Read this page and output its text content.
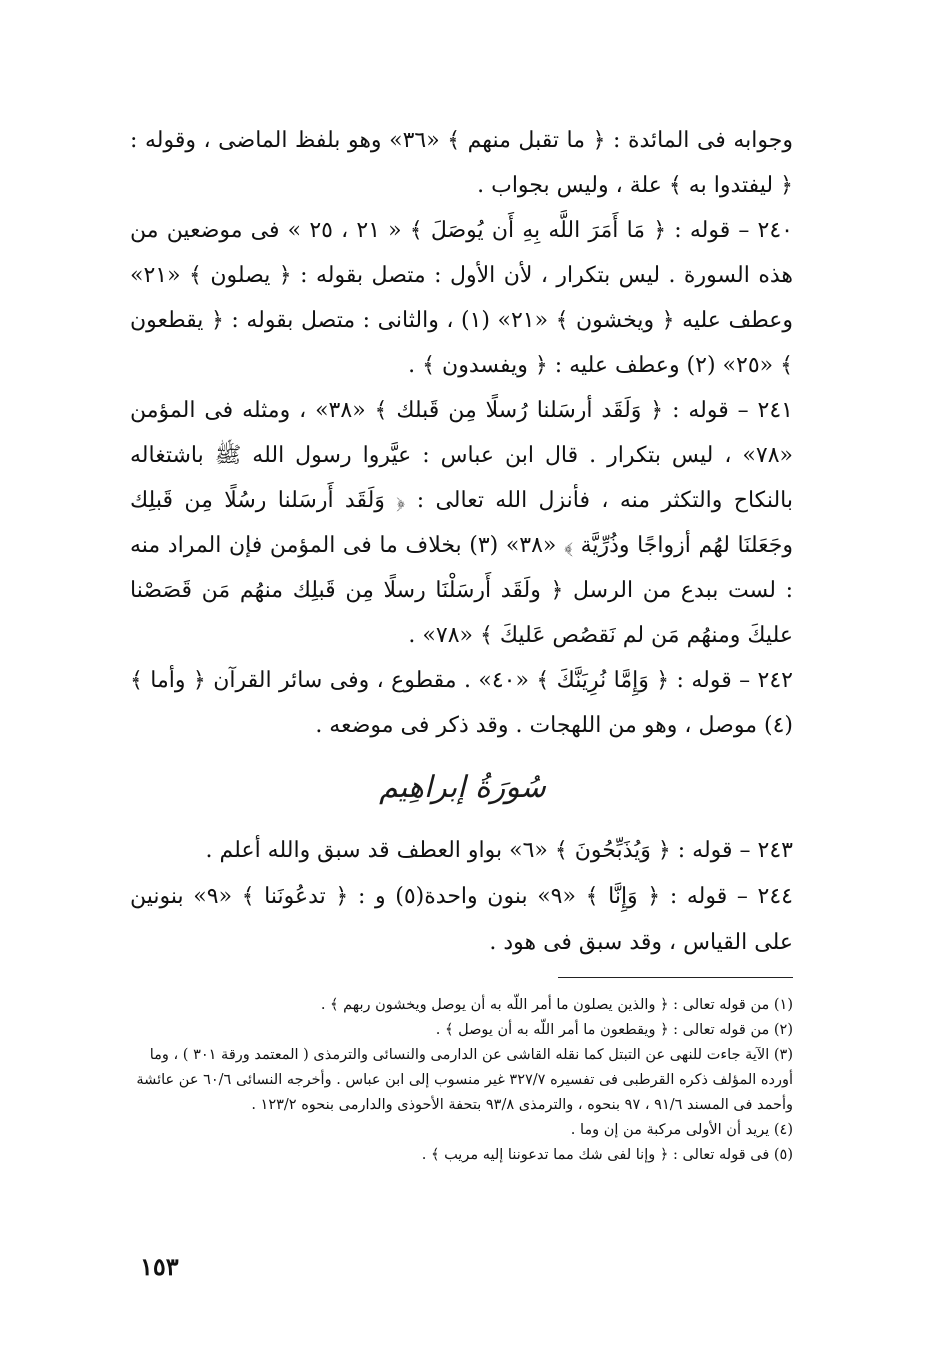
وجوابه فى المائدة : ﴿ ما تقبل منهم ﴾ «٣٦» وهو بلفظ الماضى ، وقوله : ﴿ ليفتدوا به ﴾ علة ، وليس بجواب .

٢٤٠ – قوله : ﴿ مَا أَمَرَ اللَّه بِهِ أَن يُوصَلَ ﴾ « ٢١ ، ٢٥ » فى موضعين من هذه السورة . ليس بتكرار ، لأن الأول : متصل بقوله : ﴿ يصلون ﴾ «٢١» وعطف عليه ﴿ ويخشون ﴾ «٢١» (١) ، والثانى : متصل بقوله : ﴿ يقطعون ﴾ «٢٥» (٢) وعطف عليه : ﴿ ويفسدون ﴾ .

٢٤١ – قوله : ﴿ وَلَقَد أرسَلنا رُسلًا مِن قَبلك ﴾ «٣٨» ، ومثله فى المؤمن «٧٨» ، ليس بتكرار . قال ابن عباس : عيَّروا رسول الله ﷺ باشتغاله بالنكاح والتكثر منه ، فأنزل الله تعالى : ﴿ وَلَقَد أَرسَلنا رسُلًا مِن قَبلِك وجَعَلنَا لهُم أزواجًا وذُرِّيَّة ﴾ «٣٨» (٣) بخلاف ما فى المؤمن فإن المراد منه : لست ببدع من الرسل ﴿ ولَقَد أَرسَلْنَا رسلًا مِن قَبلِك منهُم مَن قَصَصْنا عليكَ ومنهُم مَن لم نَقصُص عَليكَ ﴾ «٧٨» .

٢٤٢ – قوله : ﴿ وَإِمَّا نُرِيَنَّكَ ﴾ «٤٠» . مقطوع ، وفى سائر القرآن ﴿ وأما ﴾ (٤) موصل ، وهو من اللهجات . وقد ذكر فى موضعه .

سُورَةُ إبراهِيم

٢٤٣ – قوله : ﴿ وَيُذَبِّحُونَ ﴾ «٦» بواو العطف قد سبق والله أعلم .

٢٤٤ – قوله : ﴿ وَإِنَّا ﴾ «٩» بنون واحدة(٥) و : ﴿ تدعُونَنا ﴾ «٩» بنونين على القياس ، وقد سبق فى هود .

(١) من قوله تعالى : ﴿ والذين يصلون ما أمر اللّه به أن يوصل ويخشون ربهم ﴾ .

(٢) من قوله تعالى : ﴿ ويقطعون ما أمر اللّه به أن يوصل ﴾ .

(٣) الآية جاءت للنهى عن التبتل كما نقله القاشى عن الدارمى والنسائى والترمذى ( المعتمد ورقة ٣٠١ ) ، وما أورده المؤلف ذكره القرطبى فى تفسيره ٣٢٧/٧ غير منسوب إلى ابن عباس . وأخرجه النسائى ٦٠/٦ عن عائشة وأحمد فى المسند ٩١/٦ ، ٩٧ بنحوه ، والترمذى ٩٣/٨ بتحفة الأحوذى والدارمى بنحوه ١٢٣/٢ .

(٤) يريد أن الأولى مركبة من إن وما .

(٥) فى قوله تعالى : ﴿ وإنا لفى شك مما تدعوننا إليه مريب ﴾ .

١٥٣
